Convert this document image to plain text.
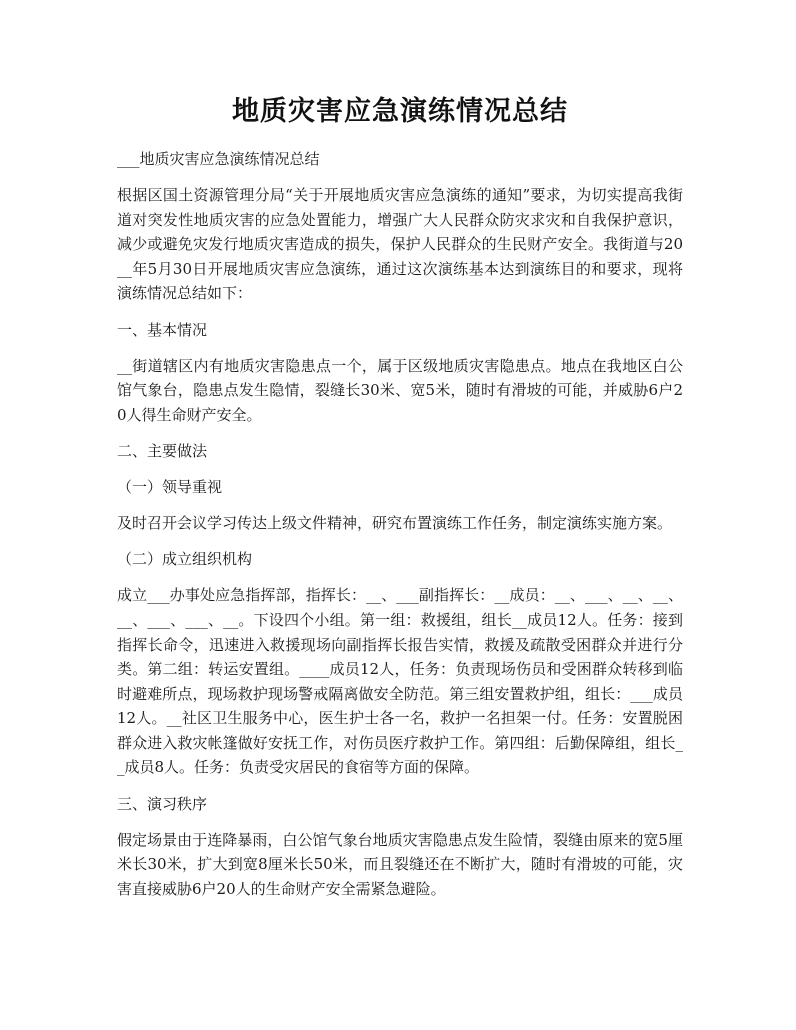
地质灾害应急演练情况总结

___地质灾害应急演练情况总结

根据区国土资源管理分局“关于开展地质灾害应急演练的通知”要求，为切实提高我街道对突发性地质灾害的应急处置能力，增强广大人民群众防灾求灾和自我保护意识，减少或避免灾发行地质灾害造成的损失，保护人民群众的生民财产安全。我街道与20__年5月30日开展地质灾害应急演练，通过这次演练基本达到演练目的和要求，现将演练情况总结如下：

一、基本情况

__街道辖区内有地质灾害隐患点一个，属于区级地质灾害隐患点。地点在我地区白公馆气象台，隐患点发生隐情，裂缝长30米、宽5米，随时有滑坡的可能，并威胁6户20人得生命财产安全。

二、主要做法

（一）领导重视

及时召开会议学习传达上级文件精神，研究布置演练工作任务，制定演练实施方案。

（二）成立组织机构

成立___办事处应急指挥部，指挥长：__、___副指挥长：__成员：__、___、__、__、__、___、___、__。下设四个小组。第一组：救援组，组长__成员12人。任务：接到指挥长命令，迅速进入救援现场向副指挥长报告实情，救援及疏散受困群众并进行分类。第二组：转运安置组。____成员12人，任务：负责现场伤员和受困群众转移到临时避难所点，现场救护现场警戒隔离做安全防范。第三组安置救护组，组长：___成员12人。__社区卫生服务中心，医生护士各一名，救护一名担架一付。任务：安置脱困群众进入救灾帐篷做好安抚工作，对伤员医疗救护工作。第四组：后勤保障组，组长__成员8人。任务：负责受灾居民的食宿等方面的保障。

三、演习秩序

假定场景由于连降暴雨，白公馆气象台地质灾害隐患点发生险情，裂缝由原来的宽5厘米长30米，扩大到宽8厘米长50米，而且裂缝还在不断扩大，随时有滑坡的可能，灾害直接威胁6户20人的生命财产安全需紧急避险。
